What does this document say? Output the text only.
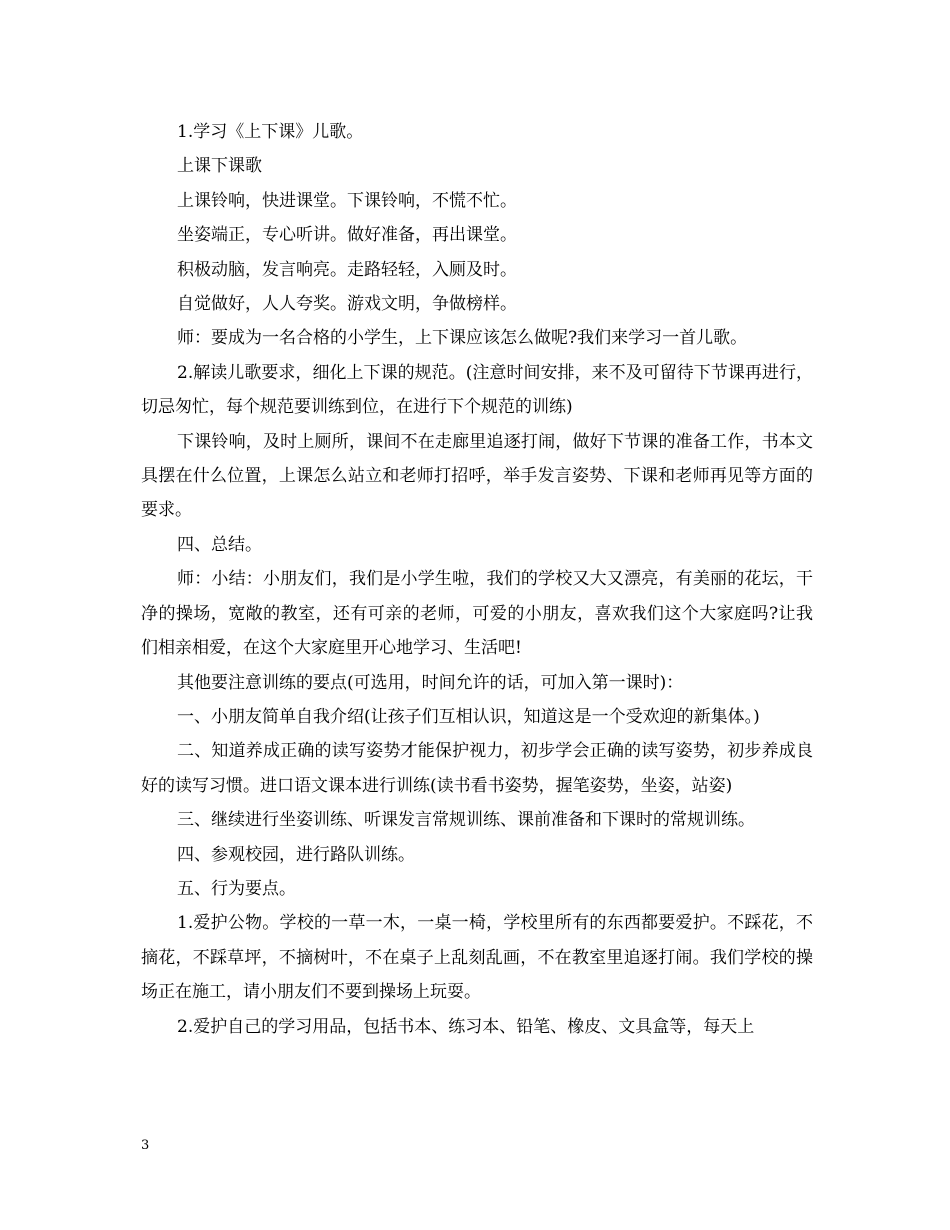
1.学习《上下课》儿歌。

上课下课歌

上课铃响，快进课堂。下课铃响，不慌不忙。

坐姿端正，专心听讲。做好准备，再出课堂。

积极动脑，发言响亮。走路轻轻，入厕及时。

自觉做好，人人夸奖。游戏文明，争做榜样。

师：要成为一名合格的小学生，上下课应该怎么做呢?我们来学习一首儿歌。

2.解读儿歌要求，细化上下课的规范。(注意时间安排，来不及可留待下节课再进行，切忌匆忙，每个规范要训练到位，在进行下个规范的训练)

下课铃响，及时上厕所，课间不在走廊里追逐打闹，做好下节课的准备工作，书本文具摆在什么位置，上课怎么站立和老师打招呼，举手发言姿势、下课和老师再见等方面的要求。

四、总结。

师：小结：小朋友们，我们是小学生啦，我们的学校又大又漂亮，有美丽的花坛，干净的操场，宽敞的教室，还有可亲的老师，可爱的小朋友，喜欢我们这个大家庭吗?让我们相亲相爱，在这个大家庭里开心地学习、生活吧!

其他要注意训练的要点(可选用，时间允许的话，可加入第一课时)：

一、小朋友简单自我介绍(让孩子们互相认识，知道这是一个受欢迎的新集体。)

二、知道养成正确的读写姿势才能保护视力，初步学会正确的读写姿势，初步养成良好的读写习惯。进口语文课本进行训练(读书看书姿势，握笔姿势，坐姿，站姿)

三、继续进行坐姿训练、听课发言常规训练、课前准备和下课时的常规训练。

四、参观校园，进行路队训练。

五、行为要点。

1.爱护公物。学校的一草一木，一桌一椅，学校里所有的东西都要爱护。不踩花，不摘花，不踩草坪，不摘树叶，不在桌子上乱刻乱画，不在教室里追逐打闹。我们学校的操场正在施工，请小朋友们不要到操场上玩耍。

2.爱护自己的学习用品，包括书本、练习本、铅笔、橡皮、文具盒等，每天上

3
